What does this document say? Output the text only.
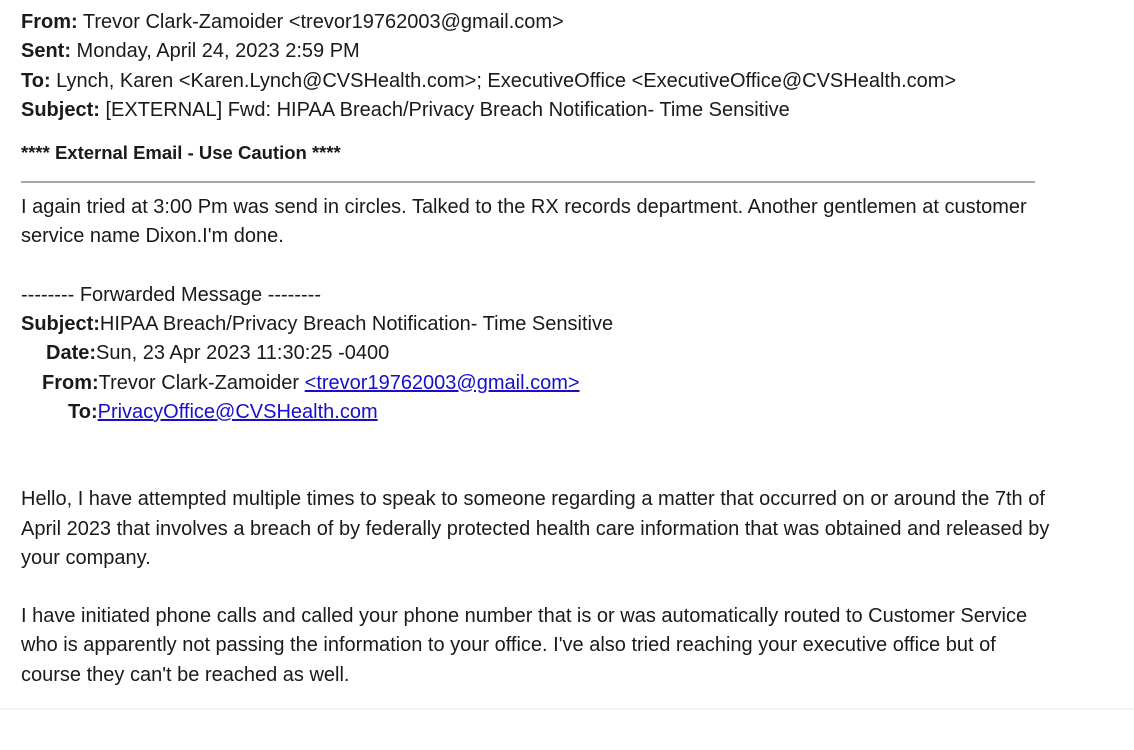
From: Trevor Clark-Zamoider <trevor19762003@gmail.com>
Sent: Monday, April 24, 2023 2:59 PM
To: Lynch, Karen <Karen.Lynch@CVSHealth.com>; ExecutiveOffice <ExecutiveOffice@CVSHealth.com>
Subject: [EXTERNAL] Fwd: HIPAA Breach/Privacy Breach Notification- Time Sensitive
**** External Email - Use Caution ****
I again tried at 3:00 Pm was send in circles. Talked to the RX records department. Another gentlemen at customer service name Dixon.I'm done.
-------- Forwarded Message --------
Subject:HIPAA Breach/Privacy Breach Notification- Time Sensitive
Date:Sun, 23 Apr 2023 11:30:25 -0400
From:Trevor Clark-Zamoider <trevor19762003@gmail.com>
To:PrivacyOffice@CVSHealth.com
Hello, I have attempted multiple times to speak to someone regarding a matter that occurred on or around the 7th of April 2023 that involves a breach of by federally protected health care information that was obtained and released by your company.
I have initiated phone calls and called your phone number that is or was automatically routed to Customer Service who is apparently not passing the information to your office. I've also tried reaching your executive office but of course they can't be reached as well.
